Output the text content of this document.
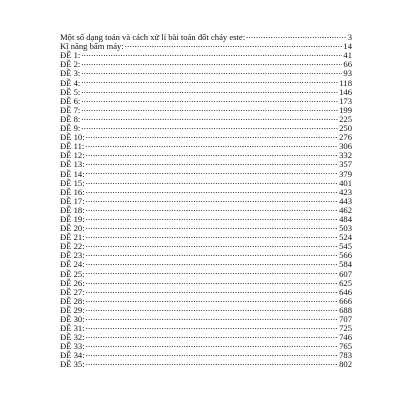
Một số dạng toán và cách xử lí bài toán đốt cháy este: .....	3
Kĩ năng bấm máy: .....	14
ĐỀ 1: .....	41
ĐỀ 2: .....	66
ĐỀ 3: .....	93
ĐỀ 4: .....	118
ĐỀ 5: .....	146
ĐỀ 6: .....	173
ĐỀ 7: .....	199
ĐỀ 8: .....	225
ĐỀ 9: .....	250
ĐỀ 10: .....	276
ĐỀ 11: .....	306
ĐỀ 12: .....	332
ĐỀ 13: .....	357
ĐỀ 14: .....	379
ĐỀ 15: .....	401
ĐỀ 16: .....	423
ĐỀ 17: .....	443
ĐỀ 18: .....	462
ĐỀ 19: .....	484
ĐỀ 20: .....	503
ĐỀ 21: .....	524
ĐỀ 22: .....	545
ĐỀ 23: .....	566
ĐỀ 24: .....	584
ĐỀ 25: .....	607
ĐỀ 26: .....	625
ĐỀ 27: .....	646
ĐỀ 28: .....	666
ĐỀ 29: .....	688
ĐỀ 30: .....	707
ĐỀ 31: .....	725
ĐỀ 32: .....	746
ĐỀ 33: .....	765
ĐỀ 34: .....	783
ĐỀ 35: .....	802
